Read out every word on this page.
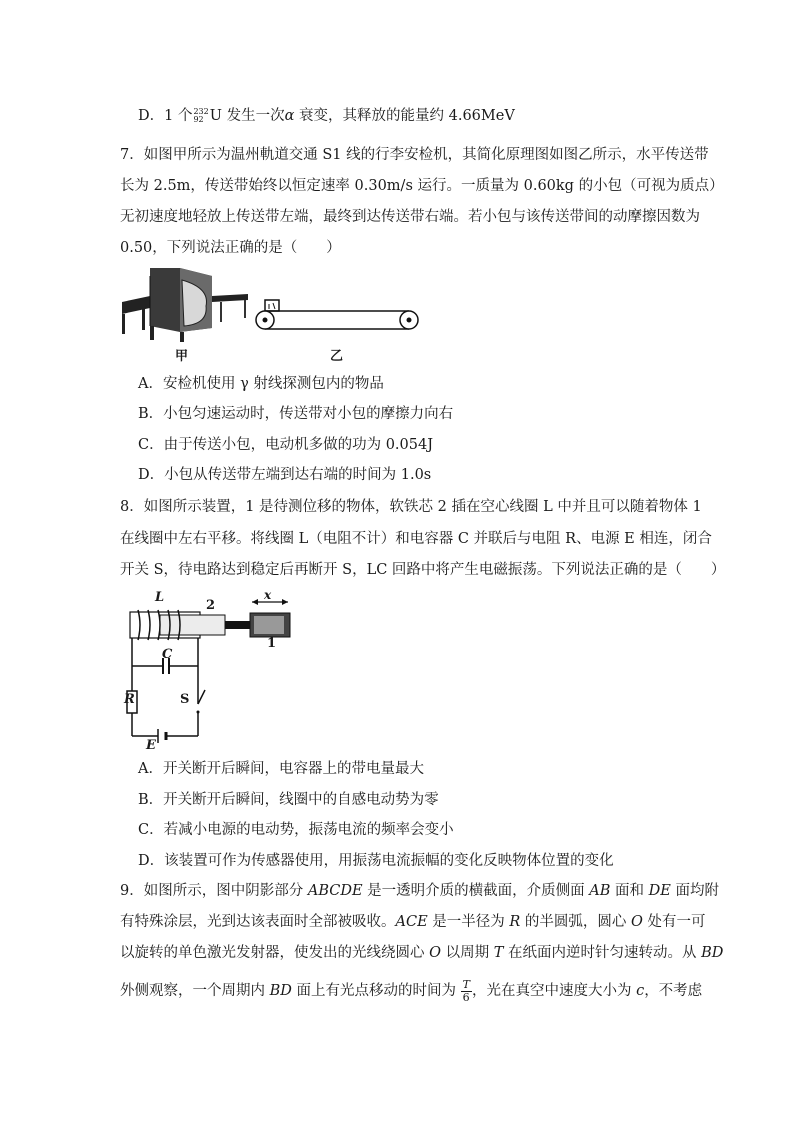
D．1 个 232
92 U 发生一次α 衰变，其释放的能量约 4.66MeV
7．如图甲所示为温州軌道交通 S1 线的行李安检机，其简化原理图如图乙所示，水平传送带
长为 2.5m，传送带始终以恒定速率 0.30m/s 运行。一质量为 0.60kg 的小包（可视为质点）
无初速度地轻放上传送带左端，最终到达传送带右端。若小包与该传送带间的动摩擦因数为
0.50，下列说法正确的是（　　）
甲	乙
A．安检机使用 γ 射线探测包内的物品
B．小包匀速运动时，传送带对小包的摩擦力向右
C．由于传送小包，电动机多做的功为 0.054J
D．小包从传送带左端到达右端的时间为 1.0s
8．如图所示装置，1 是待测位移的物体，软铁芯 2 插在空心线圈 L 中并且可以随着物体 1
在线圈中左右平移。将线圈 L（电阻不计）和电容器 C 并联后与电阻 R、电源 E 相连，闭合
开关 S，待电路达到稳定后再断开 S，LC 回路中将产生电磁振荡。下列说法正确的是（　　）
L
2
1
x
C
R	S
E
A．开关断开后瞬间，电容器上的带电量最大
B．开关断开后瞬间，线圈中的自感电动势为零
C．若减小电源的电动势，振荡电流的频率会变小
D．该装置可作为传感器使用，用振荡电流振幅的变化反映物体位置的变化
9．如图所示，图中阴影部分 ABCDE 是一透明介质的横截面，介质侧面 AB 面和 DE 面均附
有特殊涂层，光到达该表面时全部被吸收。ACE 是一半径为 R 的半圆弧，圆心 O 处有一可
以旋转的单色激光发射器，使发出的光线绕圆心 O 以周期 T 在纸面内逆时针匀速转动。从 BD
外侧观察，一个周期内 BD 面上有光点移动的时间为 $\frac{T}{6}$ ，光在真空中速度大小为 c，不考虑
